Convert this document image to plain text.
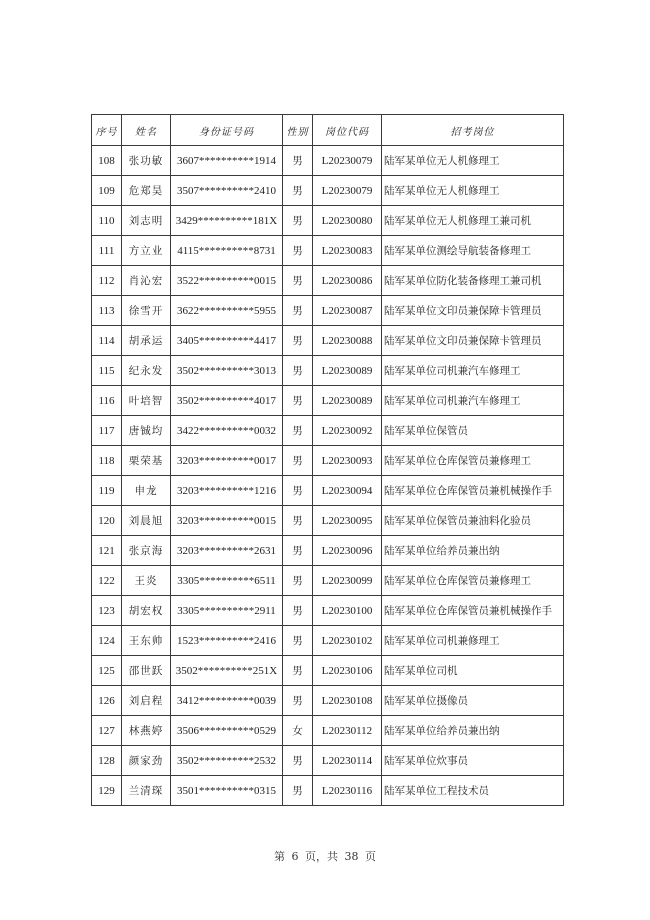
序号	姓名	身份证号码	性别	岗位代码	招考岗位
108	张功敏	3607**********1914	男	L20230079	陆军某单位无人机修理工
109	危郑昊	3507**********2410	男	L20230079	陆军某单位无人机修理工
110	刘志明	3429**********181X	男	L20230080	陆军某单位无人机修理工兼司机
111	方立业	4115**********8731	男	L20230083	陆军某单位测绘导航装备修理工
112	肖沁宏	3522**********0015	男	L20230086	陆军某单位防化装备修理工兼司机
113	徐雪开	3622**********5955	男	L20230087	陆军某单位文印员兼保障卡管理员
114	胡承运	3405**********4417	男	L20230088	陆军某单位文印员兼保障卡管理员
115	纪永发	3502**********3013	男	L20230089	陆军某单位司机兼汽车修理工
116	叶培智	3502**********4017	男	L20230089	陆军某单位司机兼汽车修理工
117	唐铖均	3422**********0032	男	L20230092	陆军某单位保管员
118	栗荣基	3203**********0017	男	L20230093	陆军某单位仓库保管员兼修理工
119	申龙	3203**********1216	男	L20230094	陆军某单位仓库保管员兼机械操作手
120	刘晨旭	3203**********0015	男	L20230095	陆军某单位保管员兼油料化验员
121	张京海	3203**********2631	男	L20230096	陆军某单位给养员兼出纳
122	王炎	3305**********6511	男	L20230099	陆军某单位仓库保管员兼修理工
123	胡宏权	3305**********2911	男	L20230100	陆军某单位仓库保管员兼机械操作手
124	王东帅	1523**********2416	男	L20230102	陆军某单位司机兼修理工
125	邵世跃	3502**********251X	男	L20230106	陆军某单位司机
126	刘启程	3412**********0039	男	L20230108	陆军某单位摄像员
127	林燕婷	3506**********0529	女	L20230112	陆军某单位给养员兼出纳
128	颜家劲	3502**********2532	男	L20230114	陆军某单位炊事员
129	兰清琛	3501**********0315	男	L20230116	陆军某单位工程技术员
第 6 页，共 38 页
